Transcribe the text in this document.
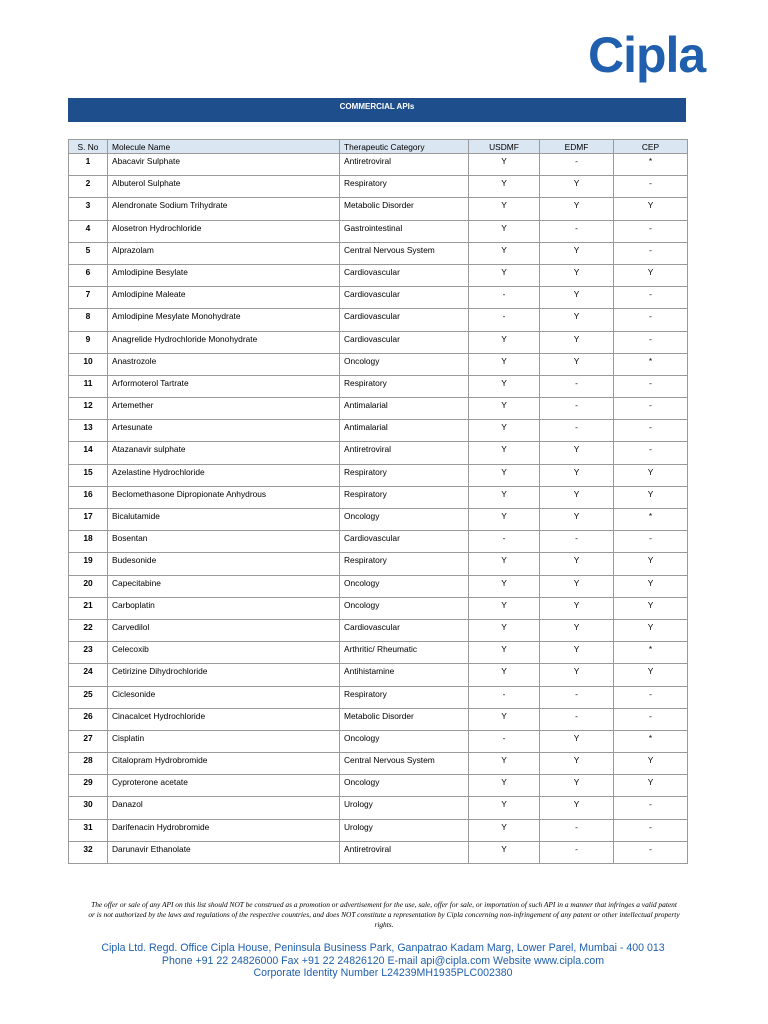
Cipla
COMMERCIAL APIs
S. No	Molecule Name	Therapeutic Category	USDMF	EDMF	CEP
1	Abacavir Sulphate	Antiretroviral	Y	-	*
2	Albuterol Sulphate	Respiratory	Y	Y	-
3	Alendronate Sodium Trihydrate	Metabolic Disorder	Y	Y	Y
4	Alosetron Hydrochloride	Gastrointestinal	Y	-	-
5	Alprazolam	Central Nervous System	Y	Y	-
6	Amlodipine Besylate	Cardiovascular	Y	Y	Y
7	Amlodipine Maleate	Cardiovascular	-	Y	-
8	Amlodipine Mesylate Monohydrate	Cardiovascular	-	Y	-
9	Anagrelide Hydrochloride Monohydrate	Cardiovascular	Y	Y	-
10	Anastrozole	Oncology	Y	Y	*
11	Arformoterol Tartrate	Respiratory	Y	-	-
12	Artemether	Antimalarial	Y	-	-
13	Artesunate	Antimalarial	Y	-	-
14	Atazanavir sulphate	Antiretroviral	Y	Y	-
15	Azelastine Hydrochloride	Respiratory	Y	Y	Y
16	Beclomethasone Dipropionate Anhydrous	Respiratory	Y	Y	Y
17	Bicalutamide	Oncology	Y	Y	*
18	Bosentan	Cardiovascular	-	-	-
19	Budesonide	Respiratory	Y	Y	Y
20	Capecitabine	Oncology	Y	Y	Y
21	Carboplatin	Oncology	Y	Y	Y
22	Carvedilol	Cardiovascular	Y	Y	Y
23	Celecoxib	Arthritic/ Rheumatic	Y	Y	*
24	Cetirizine Dihydrochloride	Antihistamine	Y	Y	Y
25	Ciclesonide	Respiratory	-	-	-
26	Cinacalcet Hydrochloride	Metabolic Disorder	Y	-	-
27	Cisplatin	Oncology	-	Y	*
28	Citalopram Hydrobromide	Central Nervous System	Y	Y	Y
29	Cyproterone acetate	Oncology	Y	Y	Y
30	Danazol	Urology	Y	Y	-
31	Darifenacin Hydrobromide	Urology	Y	-	-
32	Darunavir Ethanolate	Antiretroviral	Y	-	-
The offer or sale of any API on this list should NOT be construed as a promotion or advertisement for the use, sale, offer for sale, or importation of such API in a manner that infringes a valid patent or is not authorized by the laws and regulations of the respective countries, and does NOT constitute a representation by Cipla concerning non-infringement of any patent or other intellectual property rights.
Cipla Ltd. Regd. Office Cipla House, Peninsula Business Park, Ganpatrao Kadam Marg, Lower Parel, Mumbai - 400 013
Phone +91 22 24826000 Fax +91 22 24826120 E-mail api@cipla.com Website www.cipla.com
Corporate Identity Number L24239MH1935PLC002380
